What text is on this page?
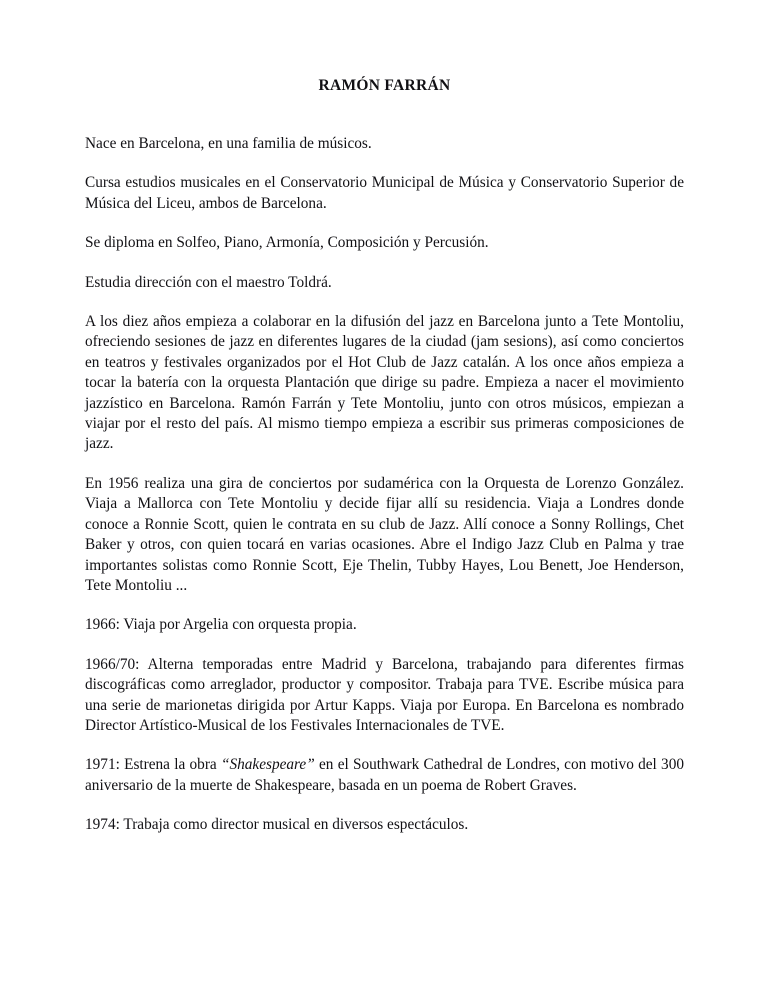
RAMÓN FARRÁN

Nace en Barcelona, en una familia de músicos.

Cursa estudios musicales en el Conservatorio Municipal de Música y Conservatorio Superior de Música del Liceu, ambos de Barcelona.

Se diploma en Solfeo, Piano, Armonía, Composición y Percusión.

Estudia dirección con el maestro Toldrá.

A los diez años empieza a colaborar en la difusión del jazz en Barcelona junto a Tete Montoliu, ofreciendo sesiones de jazz en diferentes lugares de la ciudad (jam sesions), así como conciertos en teatros y festivales organizados por el Hot Club de Jazz catalán. A los once años empieza a tocar la batería con la orquesta Plantación que dirige su padre. Empieza a nacer el movimiento jazzístico en Barcelona. Ramón Farrán y Tete Montoliu, junto con otros músicos, empiezan a viajar por el resto del país. Al mismo tiempo empieza a escribir sus primeras composiciones de jazz.

En 1956 realiza una gira de conciertos por sudamérica con la Orquesta de Lorenzo González. Viaja a Mallorca con Tete Montoliu y decide fijar allí su residencia. Viaja a Londres donde conoce a Ronnie Scott, quien le contrata en su club de Jazz. Allí conoce a Sonny Rollings, Chet Baker y otros, con quien tocará en varias ocasiones. Abre el Indigo Jazz Club en Palma y trae importantes solistas como Ronnie Scott, Eje Thelin, Tubby Hayes, Lou Benett, Joe Henderson, Tete Montoliu ...

1966: Viaja por Argelia con orquesta propia.

1966/70: Alterna temporadas entre Madrid y Barcelona, trabajando para diferentes firmas discográficas como arreglador, productor y compositor. Trabaja para TVE. Escribe música para una serie de marionetas dirigida por Artur Kapps. Viaja por Europa. En Barcelona es nombrado Director Artístico-Musical de los Festivales Internacionales de TVE.

1971: Estrena la obra “Shakespeare” en el Southwark Cathedral de Londres, con motivo del 300 aniversario de la muerte de Shakespeare, basada en un poema de Robert Graves.

1974: Trabaja como director musical en diversos espectáculos.
